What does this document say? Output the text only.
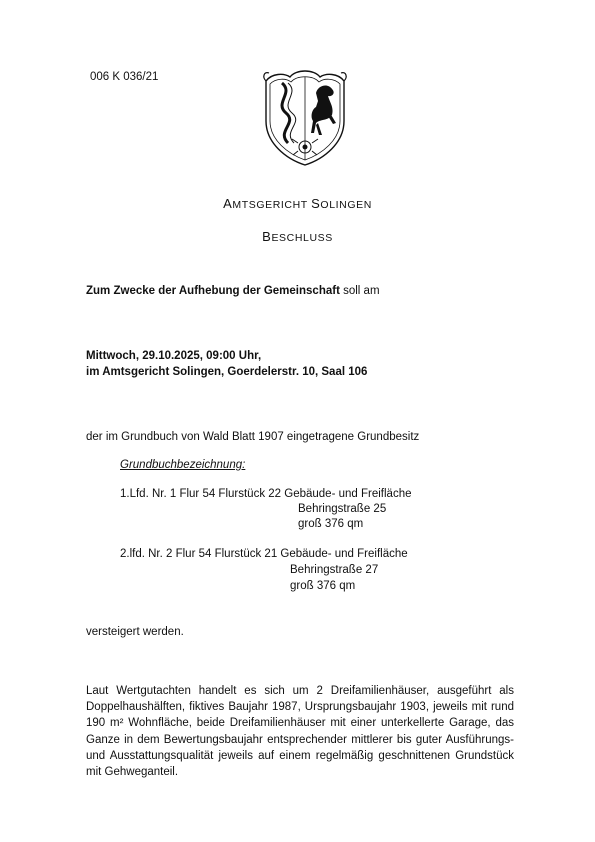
006 K 036/21
AMTSGERICHT SOLINGEN
BESCHLUSS
Zum Zwecke der Aufhebung der Gemeinschaft soll am
Mittwoch, 29.10.2025, 09:00 Uhr,
im Amtsgericht Solingen, Goerdelerstr. 10, Saal 106
der im Grundbuch von Wald Blatt 1907 eingetragene Grundbesitz
Grundbuchbezeichnung:
1.Lfd. Nr. 1 Flur 54 Flurstück 22 Gebäude- und Freifläche
Behringstraße 25
groß 376 qm
2.lfd. Nr. 2 Flur 54 Flurstück 21 Gebäude- und Freifläche
Behringstraße 27
groß 376 qm
versteigert werden.
Laut Wertgutachten handelt es sich um 2 Dreifamilienhäuser, ausgeführt als Doppelhaushälften, fiktives Baujahr 1987, Ursprungsbaujahr 1903, jeweils mit rund 190 m² Wohnfläche, beide Dreifamilienhäuser mit einer unterkellerte Garage, das Ganze in dem Bewertungsbaujahr entsprechender mittlerer bis guter Ausführungs- und Ausstattungsqualität jeweils auf einem regelmäßig geschnittenen Grundstück mit Gehweganteil.
